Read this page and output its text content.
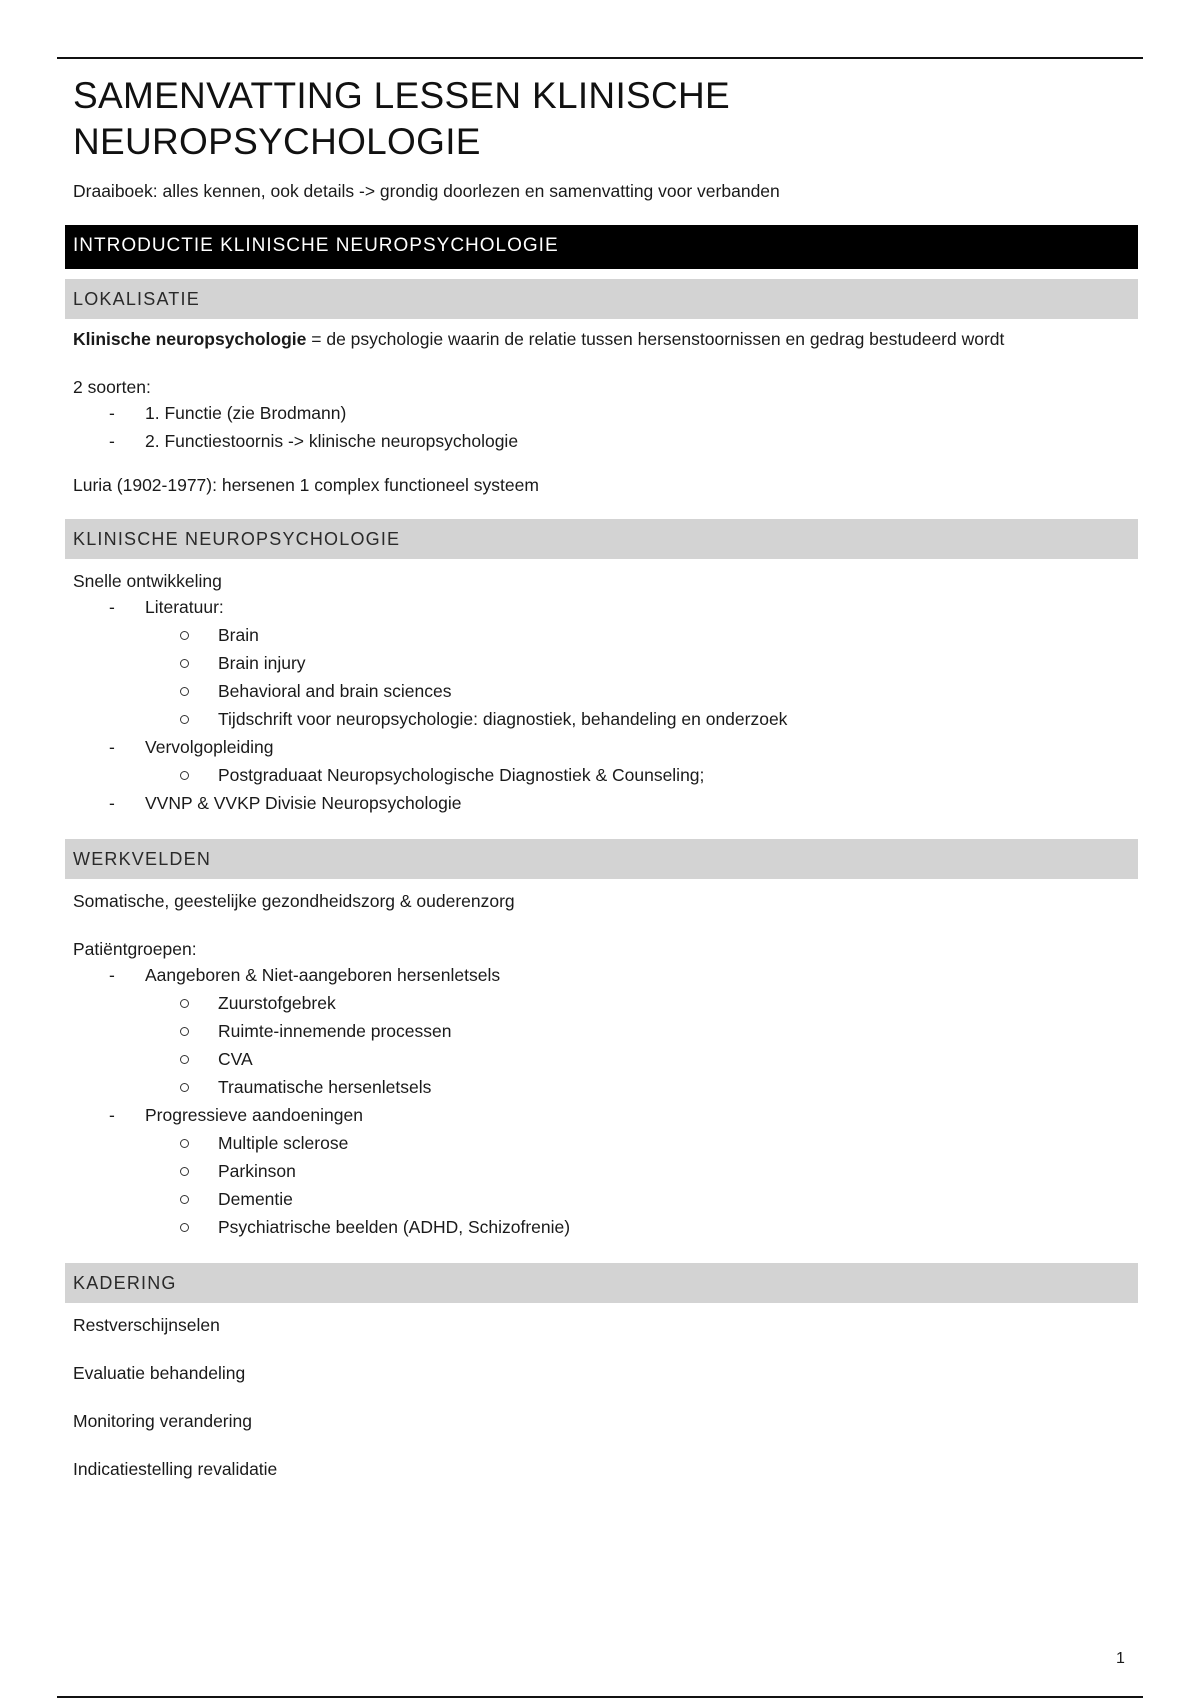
SAMENVATTING LESSEN KLINISCHE NEUROPSYCHOLOGIE

Draaiboek: alles kennen, ook details -> grondig doorlezen en samenvatting voor verbanden

INTRODUCTIE KLINISCHE NEUROPSYCHOLOGIE
LOKALISATIE

Klinische neuropsychologie = de psychologie waarin de relatie tussen hersenstoornissen en gedrag bestudeerd wordt

2 soorten:

- 1. Functie (zie Brodmann)
- 2. Functiestoornis -> klinische neuropsychologie

Luria (1902-1977): hersenen 1 complex functioneel systeem

KLINISCHE NEUROPSYCHOLOGIE

Snelle ontwikkeling

- Literatuur:
Brain
Brain injury
Behavioral and brain sciences
Tijdschrift voor neuropsychologie: diagnostiek, behandeling en onderzoek
- Vervolgopleiding
Postgraduaat Neuropsychologische Diagnostiek & Counseling;
- VVNP & VVKP Divisie Neuropsychologie
WERKVELDEN

Somatische, geestelijke gezondheidszorg & ouderenzorg

Patiëntgroepen:

- Aangeboren & Niet-aangeboren hersenletsels
Zuurstofgebrek
Ruimte-innemende processen
CVA
Traumatische hersenletsels
- Progressieve aandoeningen
Multiple sclerose
Parkinson
Dementie
Psychiatrische beelden (ADHD, Schizofrenie)
KADERING

Restverschijnselen

Evaluatie behandeling

Monitoring verandering

Indicatiestelling revalidatie

1
